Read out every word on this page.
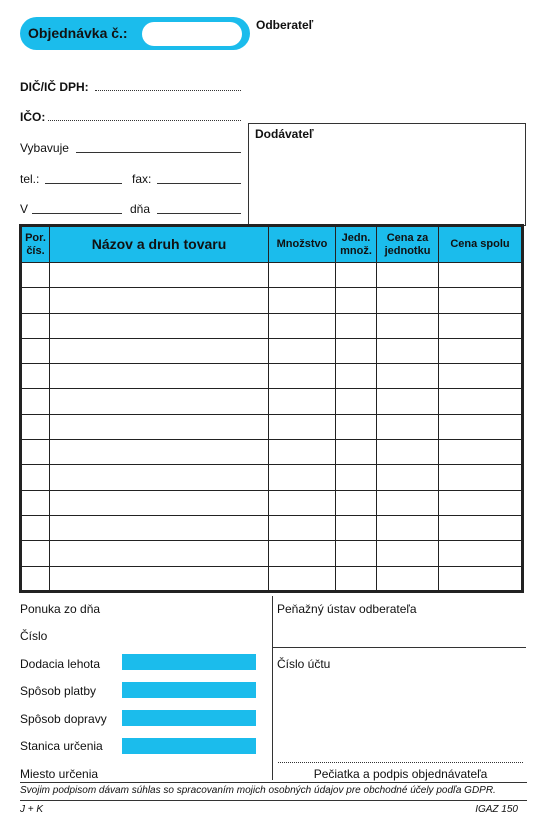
Objednávka č.:	Odberateľ
DIČ/IČ DPH:
IČO:
Vybavuje
tel.:	fax:
V	dňa
Dodávateľ
Por. čís.	Názov a druh tovaru	Množstvo	Jedn. množ.	Cena za jednotku	Cena spolu

Ponuka zo dňa
Číslo
Dodacia lehota
Spôsob platby
Spôsob dopravy
Stanica určenia
Miesto určenia
Peňažný ústav odberateľa
Číslo účtu
Pečiatka a podpis objednávateľa
Svojim podpisom dávam súhlas so spracovaním mojich osobných údajov pre obchodné účely podľa GDPR.
J + K	IGAZ 150
